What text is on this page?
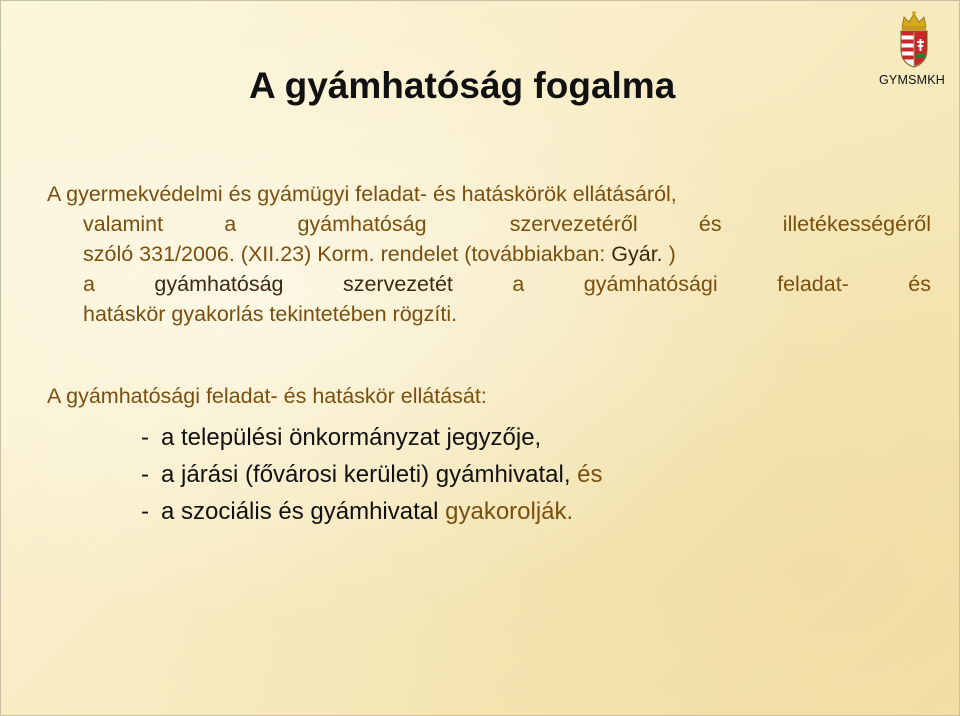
GYMSMKH
A gyámhatóság fogalma
A gyermekvédelmi és gyámügyi feladat- és hatáskörök ellátásáról,
valamint	a	gyámhatóság	szervezetéről	és	illetékességéről
szóló 331/2006. (XII.23) Korm. rendelet (továbbiakban: Gyár. )
a	gyámhatóság	szervezetét	a	gyámhatósági	feladat-	és
hatáskör gyakorlás tekintetében rögzíti.

A gyámhatósági feladat- és hatáskör ellátását:

- a települési önkormányzat jegyzője,
- a járási (fővárosi kerületi) gyámhivatal, és
- a szociális és gyámhivatal gyakorolják.
